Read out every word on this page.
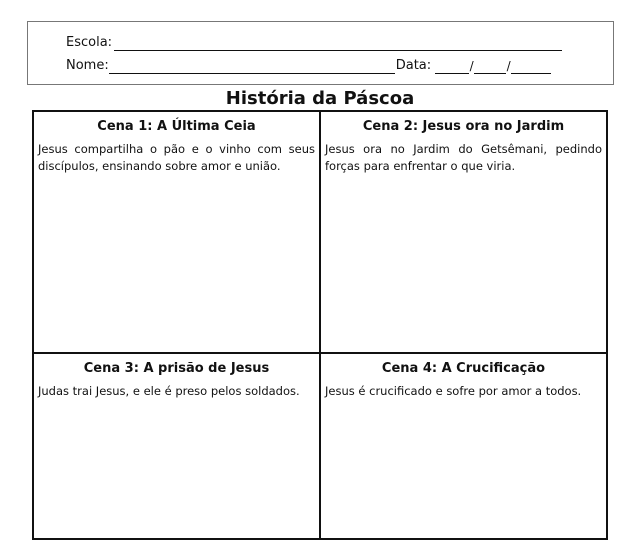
Escola:
Nome:	Data:	/	/
História da Páscoa
Cena 1: A Última Ceia
Jesus compartilha o pão e o vinho com seus discípulos, ensinando sobre amor e união.
Cena 2: Jesus ora no Jardim
Jesus ora no Jardim do Getsêmani, pedindo forças para enfrentar o que viria.
Cena 3: A prisão de Jesus
Judas trai Jesus, e ele é preso pelos soldados.
Cena 4: A Crucificação
Jesus é crucificado e sofre por amor a todos.
